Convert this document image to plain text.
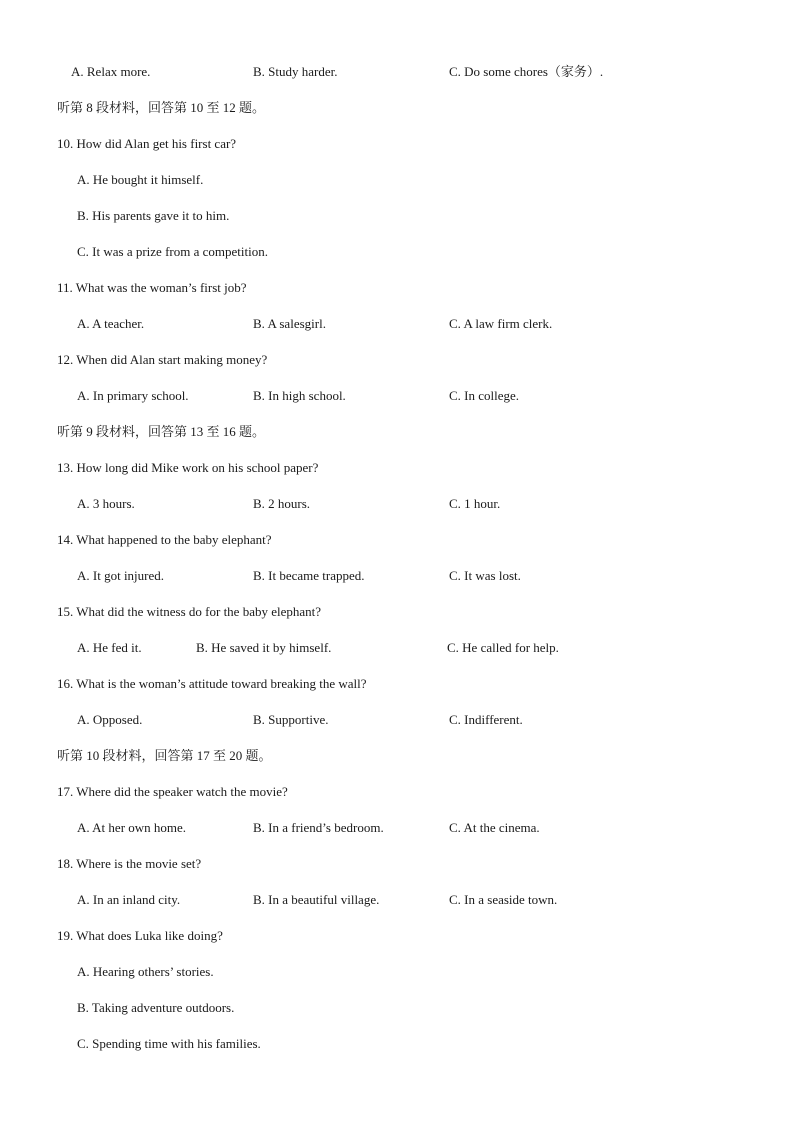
A. Relax more.	B. Study harder.	C. Do some chores（家务）.
听第 8 段材料，回答第 10 至 12 题。
10. How did Alan get his first car?
A. He bought it himself.
B. His parents gave it to him.
C. It was a prize from a competition.
11. What was the woman’s first job?
A. A teacher.	B. A salesgirl.	C. A law firm clerk.
12. When did Alan start making money?
A. In primary school.	B. In high school.	C. In college.
听第 9 段材料，回答第 13 至 16 题。
13. How long did Mike work on his school paper?
A. 3 hours.	B. 2 hours.	C. 1 hour.
14. What happened to the baby elephant?
A. It got injured.	B. It became trapped.	C. It was lost.
15. What did the witness do for the baby elephant?
A. He fed it.	B. He saved it by himself.	C. He called for help.
16. What is the woman’s attitude toward breaking the wall?
A. Opposed.	B. Supportive.	C. Indifferent.
听第 10 段材料，回答第 17 至 20 题。
17. Where did the speaker watch the movie?
A. At her own home.	B. In a friend’s bedroom.	C. At the cinema.
18. Where is the movie set?
A. In an inland city.	B. In a beautiful village.	C. In a seaside town.
19. What does Luka like doing?
A. Hearing others’ stories.
B. Taking adventure outdoors.
C. Spending time with his families.
